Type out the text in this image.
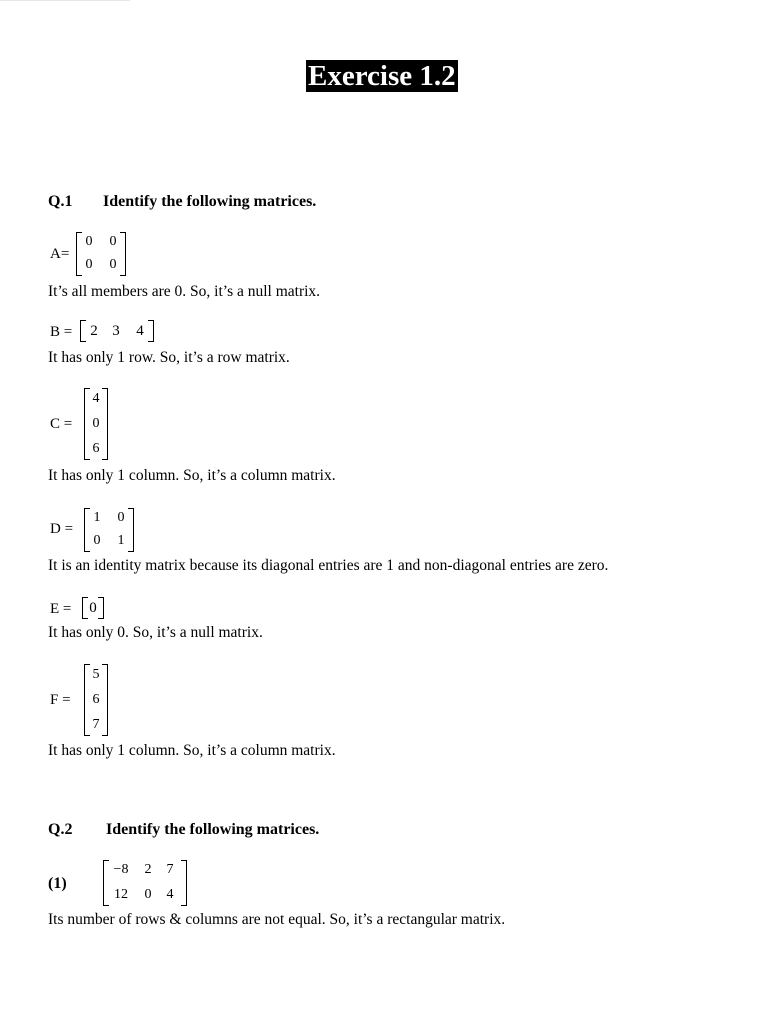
Exercise 1.2
Q.1 Identify the following matrices.
A=
0 0
0 0
It’s all members are 0. So, it’s a null matrix.
B = 2 3 4
It has only 1 row. So, it’s a row matrix.
C =
4
0
6
It has only 1 column. So, it’s a column matrix.
D =
1 0
0 1
It is an identity matrix because its diagonal entries are 1 and non-diagonal entries are zero.
E = 0
It has only 0. So, it’s a null matrix.
F =
5
6
7
It has only 1 column. So, it’s a column matrix.
Q.2 Identify the following matrices.
(1)
−8	2 7
12	0 4
Its number of rows & columns are not equal. So, it’s a rectangular matrix.
